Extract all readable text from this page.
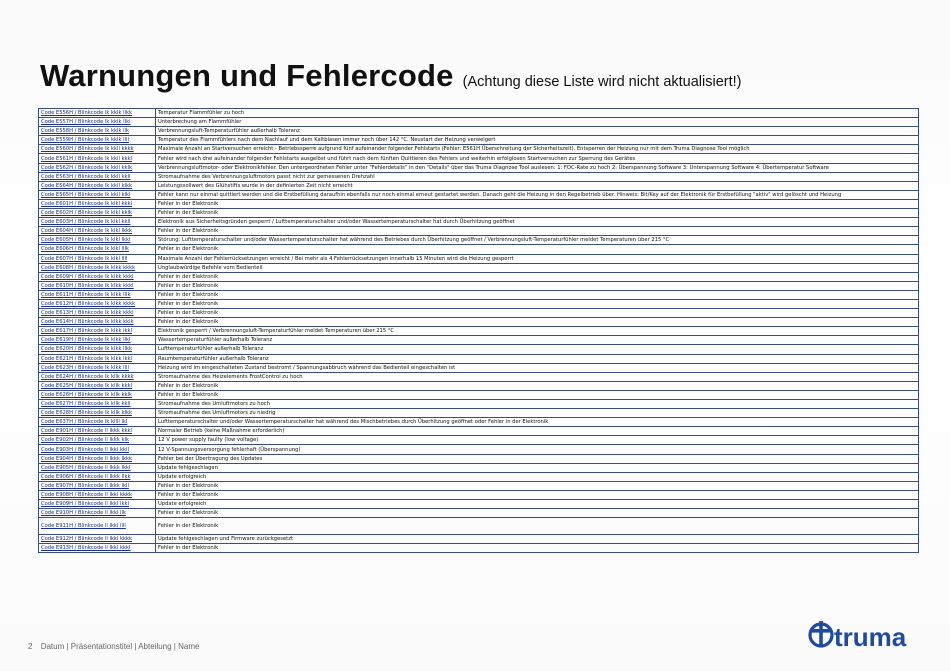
Warnungen und Fehlercode (Achtung diese Liste wird nicht aktualisiert!)
Code E556H / Blinkcode lk kklk llkk	Temperatur Flammfühler zu hoch
Code E557H / Blinkcode lk kklk lIkl	Unterbrechung am Flammfühler
Code E558H / Blinkcode lk kklk llk	Verbrennungsluft-Temperaturfühler außerhalb Toleranz
Code E559H / Blinkcode lk kklk llll	Temperatur des Flammfühlers nach dem Nachlauf und dem Kaltblasen immer noch über 142 °C. Neustart der Heizung verweigert
Code E560H / Blinkcode lk kkll kkkk	Maximale Anzahl an Startversuchen erreicht - Betriebssperre aufgrund fünf aufeinander folgender Fehlstarts (Fehler: E561H Überschreitung der Sicherheitszeit). Entsperren der Heizung nur mit dem Truma Diagnose Tool möglich
Code E561H / Blinkcode lk kkll kkkl	Fehler wird nach drei aufeinander folgender Fehlstarts ausgelöst und führt nach dem fünften Quittieren des Fehlers und weiterhin erfolglosen Startversuchen zur Sperrung des Gerätes
Code E562H / Blinkcode lk kkll kklk	Verbrennungsluftmotor- oder Elektronikfehler. Den untergeordneten Fehler unter "Fehlerdetails" in den "Details" über das Truma Diagnose Tool auslesen: 1: FOC-Rate zu hoch 2: Überspannung Software 3: Unterspannung Software 4: Übertemperatur Software
Code E563H / Blinkcode lk kkll kkll	Stromaufnahme des Verbrennungsluftmotors passt nicht zur gemessenen Drehzahl
Code E564H / Blinkcode lk kkll klkk	Leistungssollwert des Glühstifts wurde in der definierten Zeit nicht erreicht
Code E565H / Blinkcode lk kkll klkl	Fehler kann nur einmal quittiert werden und die Erstbefüllung daraufhin ebenfalls nur noch einmal erneut gestartet werden. Danach geht die Heizung in den Regelbetrieb über. Hinweis: Bit/Key auf der Elektronik für Erstbefüllung "aktiv" wird gelöscht und Heizung
Code E601H / Blinkcode lk klkl kkkl	Fehler in der Elektronik
Code E602H / Blinkcode lk klkl kklk	Fehler in der Elektronik
Code E603H / Blinkcode lk klkl kkll	Elektronik aus Sicherheitsgründen gesperrt / Lufttemperaturschalter und/oder Wassertemperaturschalter hat durch Überhitzung geöffnet
Code E604H / Blinkcode lk klkl lkkk	Fehler in der Elektronik
Code E605H / Blinkcode lk klkl lkkl	Störung: Lufttemperaturschalter und/oder Wassertemperaturschalter hat während des Betriebes durch Überhitzung geöffnet / Verbrennungsluft-Temperaturfühler meldet Temperaturen über 215 °C
Code E606H / Blinkcode lk klkl lllk	Fehler in der Elektronik
Code E607H / Blinkcode lk klkl llll	Maximale Anzahl der Fehlerrücksetzungen erreicht / Bei mehr als 4 Fehlerrücksetzungen innerhalb 15 Minuten wird die Heizung gesperrt
Code E608H / Blinkcode lk klkk kkkk	Unglaubwürdige Befehle vom Bedienteil
Code E609H / Blinkcode lk klkk kkkl	Fehler in der Elektronik
Code E610H / Blinkcode lk klkk kkkl	Fehler in der Elektronik
Code E611H / Blinkcode lk klkk lllk	Fehler in der Elektronik
Code E612H / Blinkcode lk klkk kkkk	Fehler in der Elektronik
Code E613H / Blinkcode lk klkk kkkl	Fehler in der Elektronik
Code E614H / Blinkcode lk klkk kklk	Fehler in der Elektronik
Code E617H / Blinkcode lk klkk lkkl	Elektronik gesperrt / Verbrennungsluft-Temperaturfühler meldet Temperaturen über 215 °C
Code E619H / Blinkcode lk klkk llkl	Wassertemperaturfühler außerhalb Toleranz
Code E620H / Blinkcode lk klkk llkk	Lufttemperaturfühler außerhalb Toleranz
Code E621H / Blinkcode lk klkk lkkl	Raumtemperaturfühler außerhalb Toleranz
Code E623H / Blinkcode lk klkk llll	Heizung wird im eingeschalteten Zustand bestromt / Spannungsabbruch während das Bedienteil eingeschalten ist
Code E624H / Blinkcode lk kllk kkkk	Stromaufnahme des Heizelements FrostControl zu hoch
Code E625H / Blinkcode lk kllk kkkl	Fehler in der Elektronik
Code E626H / Blinkcode lk kllk kklk	Fehler in der Elektronik
Code E627H / Blinkcode lk kllk kkll	Stromaufnahme des Umluftmotors zu hoch
Code E628H / Blinkcode lk kllk klkk	Stromaufnahme des Umluftmotors zu niedrig
Code E637H / Blinkcode lk kllll lkl	Lufttemperaturschalter und/oder Wassertemperaturschalter hat während des Mischbetriebes durch Überhitzung geöffnet oder Fehler in der Elektronik
Code E901H / Blinkcode ll lkkk kkkl	Normaler Betrieb (keine Maßnahme erforderlich)
Code E902H / Blinkcode ll lkkk klk	12 V power supply faulty (low voltage)
Code E903H / Blinkcode ll lkkl kkll	12 V-Spannungsversorgung fehlerhaft (Überspannung)
Code E904H / Blinkcode ll lkkk lkkk	Fehler bei der Übertragung des Updates
Code E905H / Blinkcode ll lkkk lkkl	Update fehlgeschlagen
Code E906H / Blinkcode ll lkkk llkk	Update erfolgreich
Code E907H / Blinkcode ll lkkk lkll	Fehler in der Elektronik
Code E908H / Blinkcode ll lkkl kkkk	Fehler in der Elektronik
Code E909H / Blinkcode ll lkkl lkkl	Update erfolgreich
Code E910H / Blinkcode ll lkkl llk	Fehler in der Elektronik
Code E911H / Blinkcode ll lkkl llll	Fehler in der Elektronik
Code E912H / Blinkcode ll lkkl kkkk	Update fehlgeschlagen und Firmware zurückgesetzt
Code E913H / Blinkcode ll lkkl kkkl	Fehler in der Elektronik
2 Datum | Präsentationstitel | Abteilung | Name	truma
